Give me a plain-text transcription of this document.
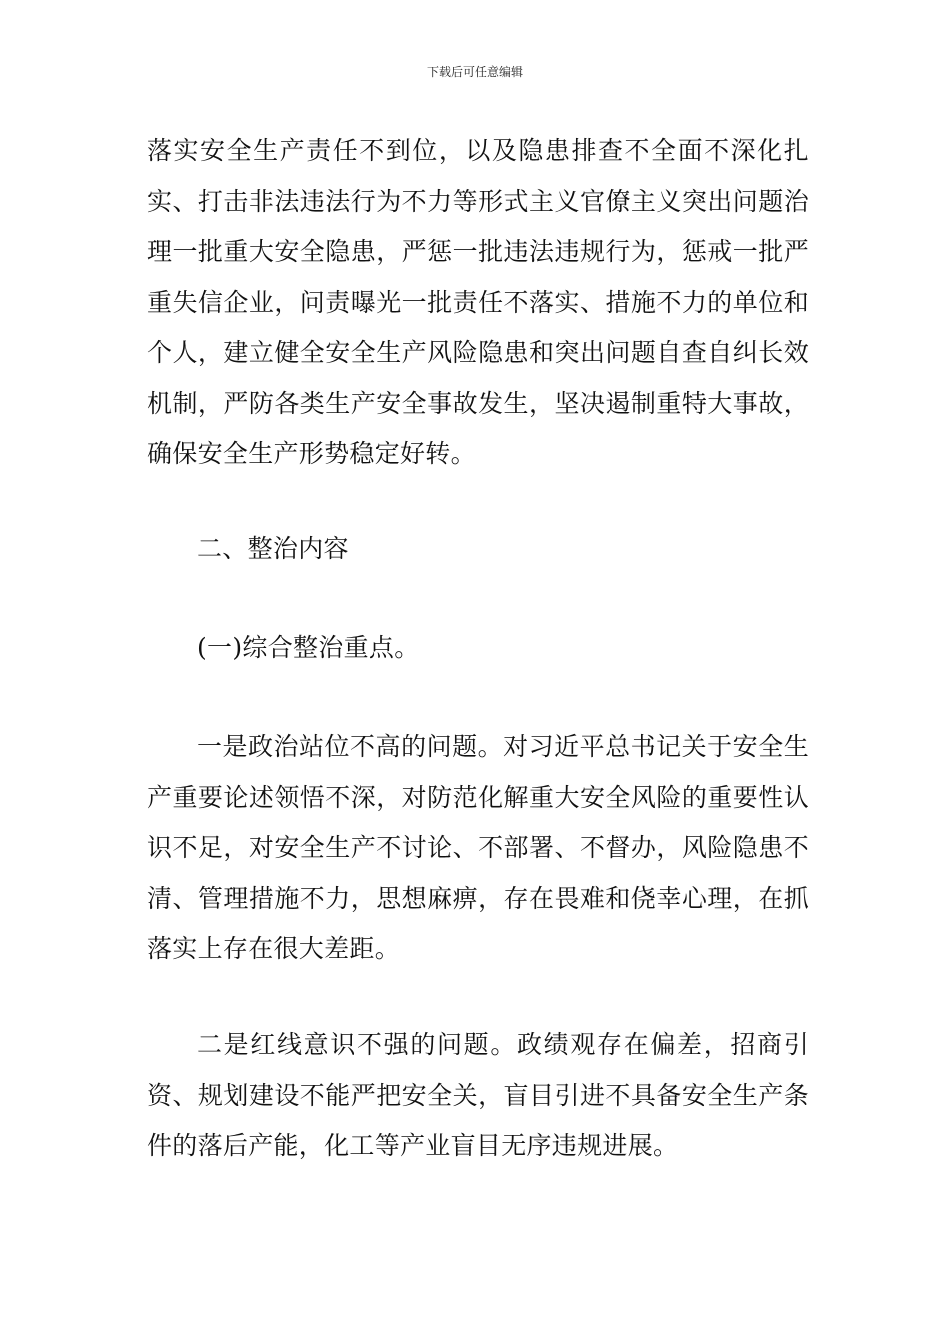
下载后可任意编辑

落实安全生产责任不到位，以及隐患排查不全面不深化扎实、打击非法违法行为不力等形式主义官僚主义突出问题治理一批重大安全隐患，严惩一批违法违规行为，惩戒一批严重失信企业，问责曝光一批责任不落实、措施不力的单位和个人，建立健全安全生产风险隐患和突出问题自查自纠长效机制，严防各类生产安全事故发生，坚决遏制重特大事故，确保安全生产形势稳定好转。

二、整治内容

(一)综合整治重点。

一是政治站位不高的问题。对习近平总书记关于安全生产重要论述领悟不深，对防范化解重大安全风险的重要性认识不足，对安全生产不讨论、不部署、不督办，风险隐患不清、管理措施不力，思想麻痹，存在畏难和侥幸心理，在抓落实上存在很大差距。

二是红线意识不强的问题。政绩观存在偏差，招商引资、规划建设不能严把安全关，盲目引进不具备安全生产条件的落后产能，化工等产业盲目无序违规进展。
